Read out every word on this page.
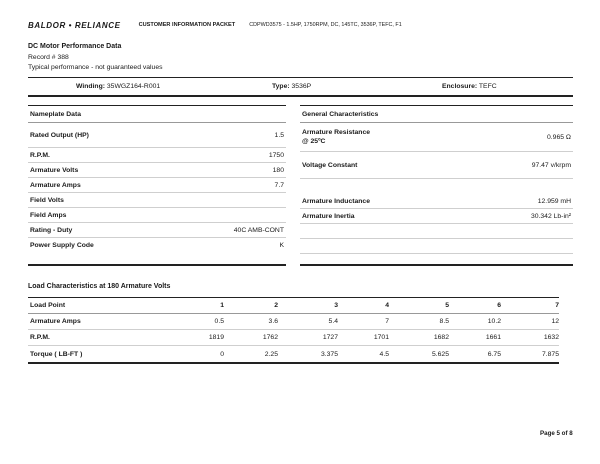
BALDOR • RELIANCE	CUSTOMER INFORMATION PACKET	CDPWD3575 - 1.5HP, 1750RPM, DC, 145TC, 3536P, TEFC, F1
DC Motor Performance Data
Record # 388
Typical performance - not guaranteed values
Winding: 35WGZ164-R001	Type: 3536P	Enclosure: TEFC
Nameplate Data
Rated Output (HP)	1.5
R.P.M.	1750
Armature Volts	180
Armature Amps	7.7
Field Volts
Field Amps
Rating - Duty	40C AMB-CONT
Power Supply Code	K
General Characteristics
Armature Resistance
@ 25ºC
0.965 Ω
Voltage Constant	97.47 v/krpm
Armature Inductance	12.959 mH
Armature Inertia	30.342 Lb-in²
Load Characteristics at 180 Armature Volts
Load Point	1	2	3	4	5	6	7
Armature Amps	0.5	3.6	5.4	7	8.5	10.2	12
R.P.M.	1819	1762	1727	1701	1682	1661	1632
Torque ( LB-FT )	0	2.25	3.375	4.5	5.625	6.75	7.875
Page 5 of 8
